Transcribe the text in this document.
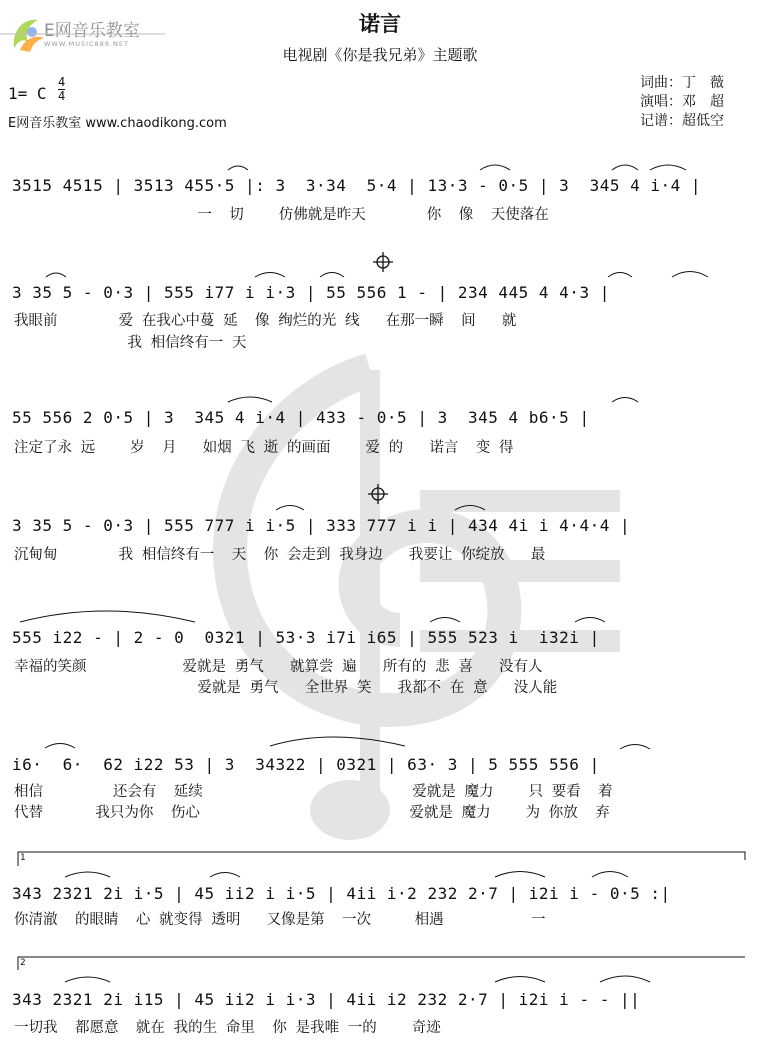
E网音乐教室
WWW.MUSIC888.NET
诺言
电视剧《你是我兄弟》主题歌
1= C
4
4
E网音乐教室 www.chaodikong.com
词曲：丁　薇
演唱：邓　超
记谱：超低空
3515 4515 | 3513 455·5 |: 3  3·34  5·4 | 13·3 - 0·5 | 3  345 4 i·4 |
一  切    仿佛就是昨天       你  像  天使落在
3 35 5 - 0·3 | 555 i77 i i·3 | 55 556 1 - | 234 445 4 4·3 |
我眼前       爱 在我心中蔓 延  像 绚烂的光 线   在那一瞬  间   就
我 相信终有一 天
55 556 2 0·5 | 3  345 4 i·4 | 433 - 0·5 | 3  345 4 b6·5 |
注定了永 远    岁  月   如烟 飞 逝 的画面    爱 的   诺言  变 得
3 35 5 - 0·3 | 555 777 i i·5 | 333 777 i i | 434 4i i 4·4·4 |
沉甸甸       我 相信终有一  天  你 会走到 我身边   我要让 你绽放   最
555 i22 - | 2 - 0  0321 | 53·3 i7i i65 | 555 523 i  i32i |
幸福的笑颜           爱就是 勇气   就算尝 遍   所有的 悲 喜   没有人
爱就是 勇气   全世界 笑   我都不 在 意   没人能
i6·  6·  62 i22 53 | 3  34322 | 0321 | 63· 3 | 5 555 556 |
相信        还会有  延续                        爱就是 魔力    只 要看  着
代替      我只为你  伤心                        爱就是 魔力    为 你放  弃
1
343 2321 2i i·5 | 45 ii2 i i·5 | 4ii i·2 232 2·7 | i2i i - 0·5 :|
你清澈  的眼睛  心 就变得 透明   又像是第  一次     相遇          一
2
343 2321 2i i15 | 45 ii2 i i·3 | 4ii i2 232 2·7 | i2i i - - ||
一切我  都愿意  就在 我的生 命里  你 是我唯 一的    奇迹
